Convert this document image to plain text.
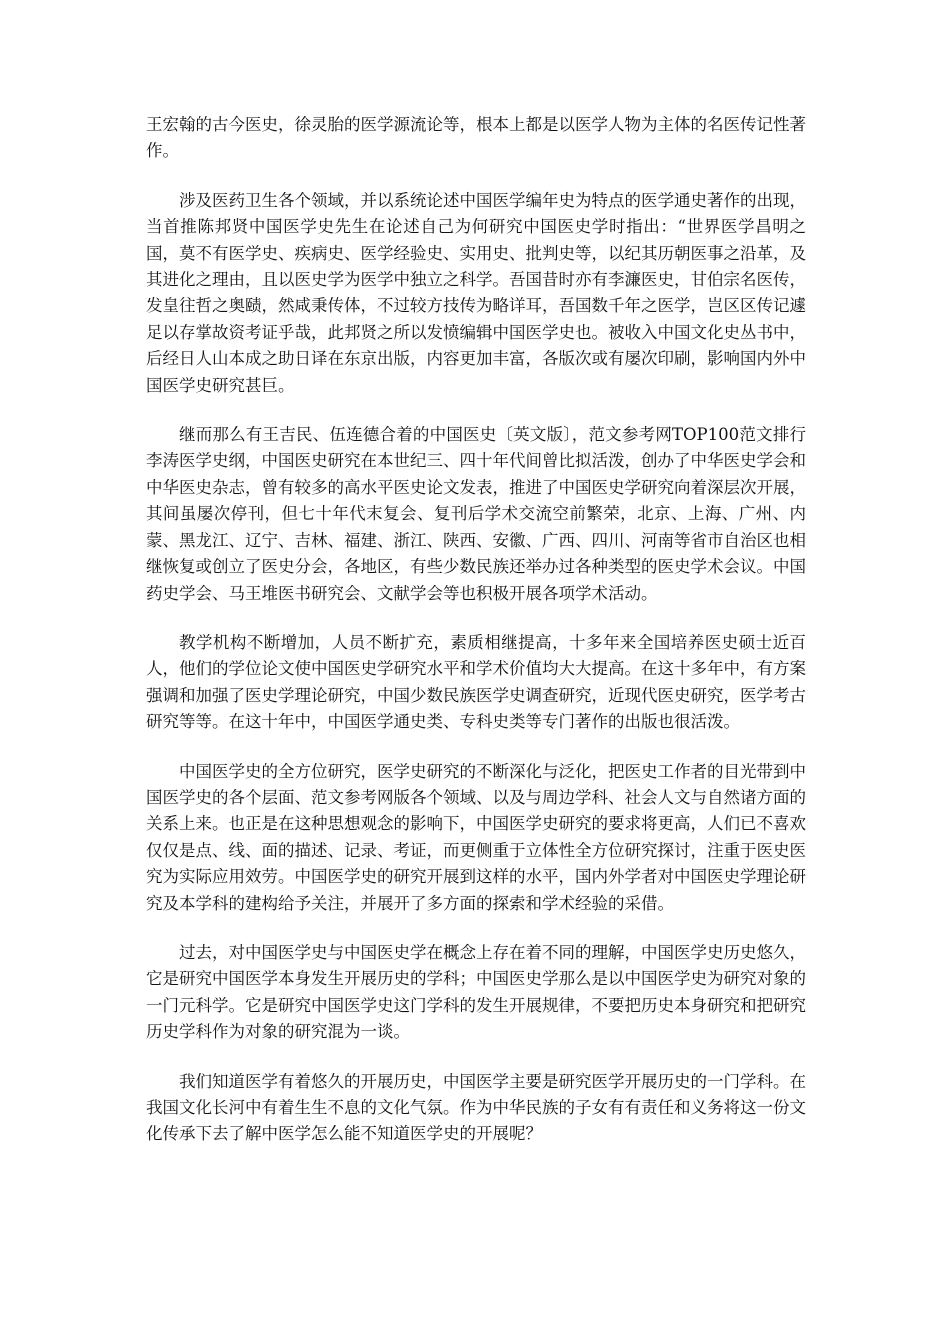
王宏翰的古今医史，徐灵胎的医学源流论等，根本上都是以医学人物为主体的名医传记性著作。

涉及医药卫生各个领域，并以系统论述中国医学编年史为特点的医学通史著作的出现，当首推陈邦贤中国医学史先生在论述自己为何研究中国医史学时指出：“世界医学昌明之国，莫不有医学史、疾病史、医学经验史、实用史、批判史等，以纪其历朝医事之沿革，及其进化之理由，且以医史学为医学中独立之科学。吾国昔时亦有李濂医史，甘伯宗名医传，发皇往哲之奥赜，然咸秉传体，不过较方技传为略详耳，吾国数千年之医学，岂区区传记遽足以存掌故资考证乎哉，此邦贤之所以发愤编辑中国医学史也。被收入中国文化史丛书中，后经日人山本成之助日译在东京出版，内容更加丰富，各版次或有屡次印刷，影响国内外中国医学史研究甚巨。

继而那么有王吉民、伍连德合着的中国医史〔英文版〕，范文参考网TOP100范文排行李涛医学史纲，中国医史研究在本世纪三、四十年代间曾比拟活泼，创办了中华医史学会和中华医史杂志，曾有较多的高水平医史论文发表，推进了中国医史学研究向着深层次开展，其间虽屡次停刊，但七十年代末复会、复刊后学术交流空前繁荣，北京、上海、广州、内蒙、黑龙江、辽宁、吉林、福建、浙江、陕西、安徽、广西、四川、河南等省市自治区也相继恢复或创立了医史分会，各地区，有些少数民族还举办过各种类型的医史学术会议。中国药史学会、马王堆医书研究会、文献学会等也积极开展各项学术活动。

教学机构不断增加，人员不断扩充，素质相继提高，十多年来全国培养医史硕士近百人，他们的学位论文使中国医史学研究水平和学术价值均大大提高。在这十多年中，有方案强调和加强了医史学理论研究，中国少数民族医学史调查研究，近现代医史研究，医学考古研究等等。在这十年中，中国医学通史类、专科史类等专门著作的出版也很活泼。

中国医学史的全方位研究，医学史研究的不断深化与泛化，把医史工作者的目光带到中国医学史的各个层面、范文参考网版各个领域、以及与周边学科、社会人文与自然诸方面的关系上来。也正是在这种思想观念的影响下，中国医学史研究的要求将更高，人们已不喜欢仅仅是点、线、面的描述、记录、考证，而更侧重于立体性全方位研究探讨，注重于医史医究为实际应用效劳。中国医学史的研究开展到这样的水平，国内外学者对中国医史学理论研究及本学科的建构给予关注，并展开了多方面的探索和学术经验的采借。

过去，对中国医学史与中国医史学在概念上存在着不同的理解，中国医学史历史悠久，它是研究中国医学本身发生开展历史的学科；中国医史学那么是以中国医学史为研究对象的一门元科学。它是研究中国医学史这门学科的发生开展规律，不要把历史本身研究和把研究历史学科作为对象的研究混为一谈。

我们知道医学有着悠久的开展历史，中国医学主要是研究医学开展历史的一门学科。在我国文化长河中有着生生不息的文化气氛。作为中华民族的子女有有责任和义务将这一份文化传承下去了解中医学怎么能不知道医学史的开展呢？
